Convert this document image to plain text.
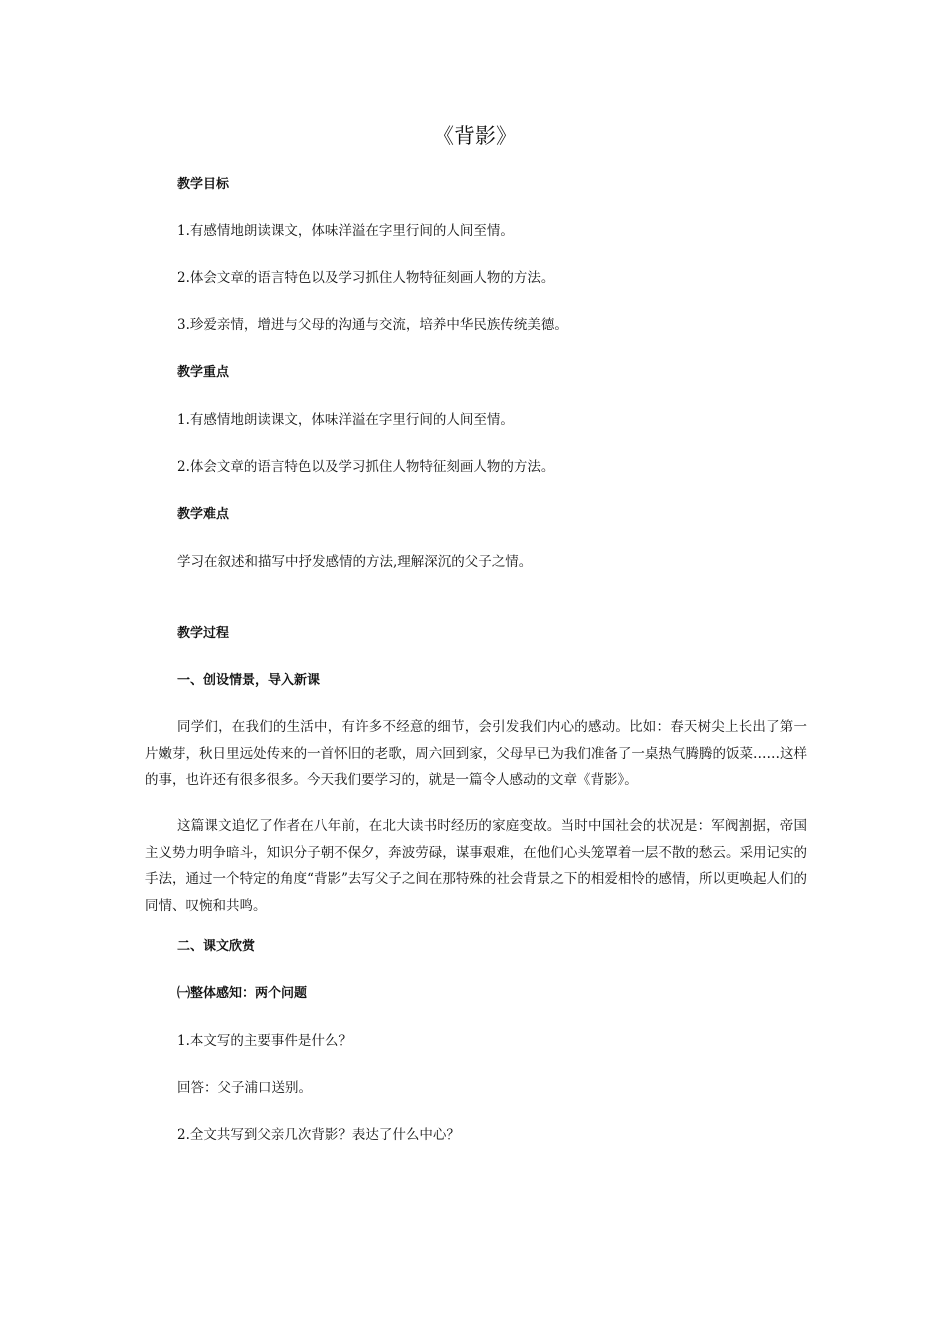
《背影》
教学目标
1.有感情地朗读课文，体味洋溢在字里行间的人间至情。
2.体会文章的语言特色以及学习抓住人物特征刻画人物的方法。
3.珍爱亲情，增进与父母的沟通与交流，培养中华民族传统美德。
教学重点
1.有感情地朗读课文，体味洋溢在字里行间的人间至情。
2.体会文章的语言特色以及学习抓住人物特征刻画人物的方法。
教学难点
学习在叙述和描写中抒发感情的方法,理解深沉的父子之情。
教学过程
一、创设情景，导入新课

同学们，在我们的生活中，有许多不经意的细节，会引发我们内心的感动。比如：春天树尖上长出了第一片嫩芽，秋日里远处传来的一首怀旧的老歌，周六回到家，父母早已为我们准备了一桌热气腾腾的饭菜……这样的事，也许还有很多很多。今天我们要学习的，就是一篇令人感动的文章《背影》。

这篇课文追忆了作者在八年前，在北大读书时经历的家庭变故。当时中国社会的状况是：军阀割据，帝国主义势力明争暗斗，知识分子朝不保夕，奔波劳碌，谋事艰难，在他们心头笼罩着一层不散的愁云。采用记实的手法，通过一个特定的角度“背影”去写父子之间在那特殊的社会背景之下的相爱相怜的感情，所以更唤起人们的同情、叹惋和共鸣。

二、课文欣赏
㈠整体感知：两个问题
1.本文写的主要事件是什么？
回答：父子浦口送别。
2.全文共写到父亲几次背影？表达了什么中心？
